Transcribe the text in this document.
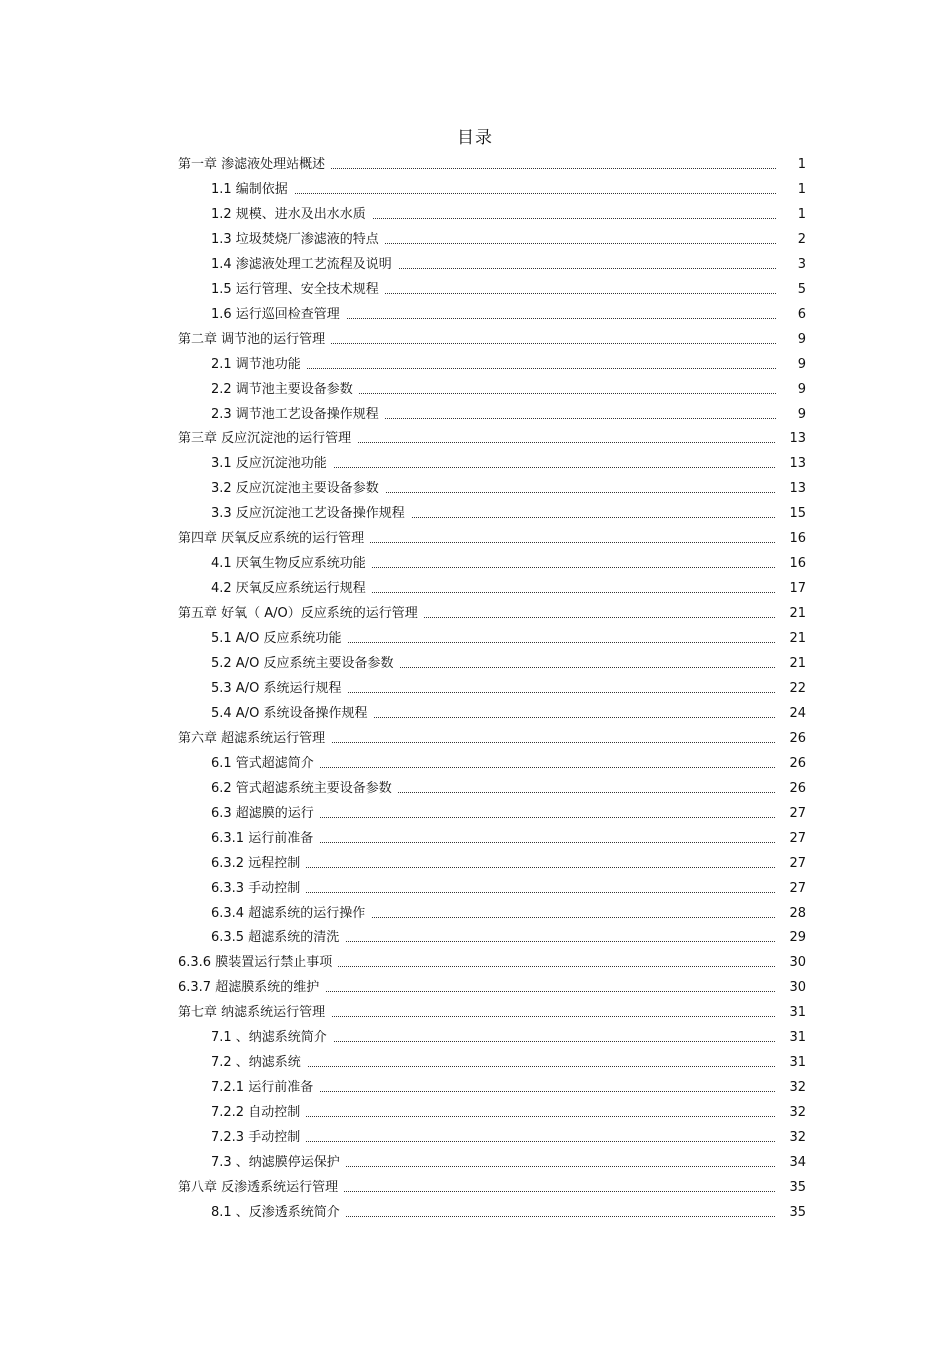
目录
第一章 渗滤液处理站概述	1
1.1 编制依据	1
1.2 规模、进水及出水水质	1
1.3 垃圾焚烧厂渗滤液的特点	2
1.4 渗滤液处理工艺流程及说明	3
1.5 运行管理、安全技术规程	5
1.6 运行巡回检查管理	6
第二章 调节池的运行管理	9
2.1 调节池功能	9
2.2 调节池主要设备参数	9
2.3 调节池工艺设备操作规程	9
第三章 反应沉淀池的运行管理	13
3.1 反应沉淀池功能	13
3.2 反应沉淀池主要设备参数	13
3.3 反应沉淀池工艺设备操作规程	15
第四章 厌氧反应系统的运行管理	16
4.1 厌氧生物反应系统功能	16
4.2 厌氧反应系统运行规程	17
第五章 好氧（ A/O）反应系统的运行管理	21
5.1 A/O 反应系统功能	21
5.2 A/O 反应系统主要设备参数	21
5.3 A/O 系统运行规程	22
5.4 A/O 系统设备操作规程	24
第六章 超滤系统运行管理	26
6.1 管式超滤简介	26
6.2 管式超滤系统主要设备参数	26
6.3 超滤膜的运行	27
6.3.1 运行前准备	27
6.3.2 远程控制	27
6.3.3 手动控制	27
6.3.4 超滤系统的运行操作	28
6.3.5 超滤系统的清洗	29
6.3.6 膜装置运行禁止事项	30
6.3.7 超滤膜系统的维护	30
第七章 纳滤系统运行管理	31
7.1 、纳滤系统简介	31
7.2 、纳滤系统	31
7.2.1 运行前准备	32
7.2.2 自动控制	32
7.2.3 手动控制	32
7.3 、纳滤膜停运保护	34
第八章 反渗透系统运行管理	35
8.1 、反渗透系统简介	35
